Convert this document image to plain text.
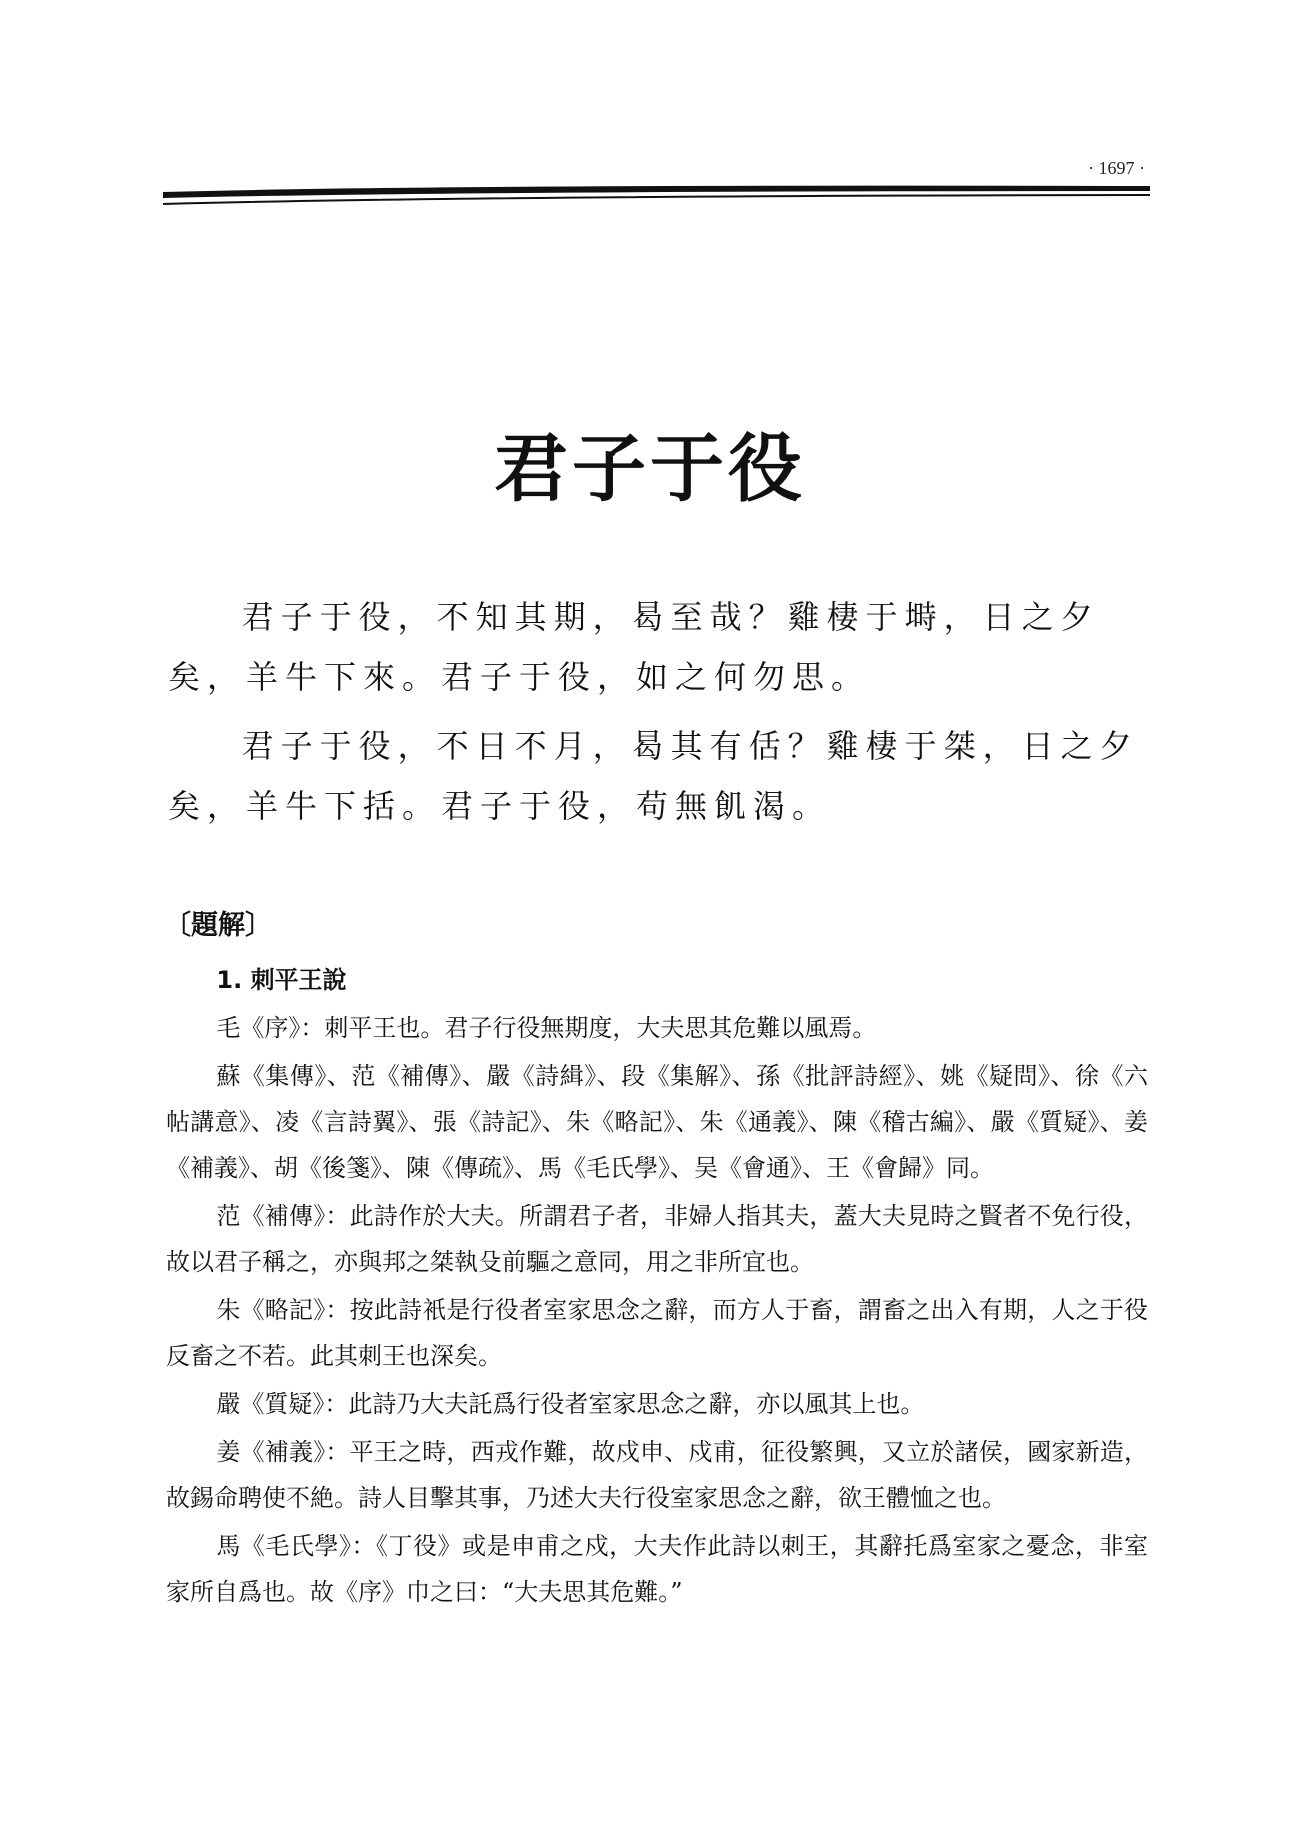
· 1697 ·
君子于役

君子于役，不知其期，曷至哉？雞棲于塒，日之夕矣，羊牛下來。君子于役，如之何勿思。

君子于役，不日不月，曷其有佸？雞棲于桀，日之夕矣，羊牛下括。君子于役，苟無飢渴。

〔題解〕

1. 刺平王說

毛《序》：刺平王也。君子行役無期度，大夫思其危難以風焉。

蘇《集傳》、范《補傳》、嚴《詩緝》、段《集解》、孫《批評詩經》、姚《疑問》、徐《六帖講意》、凌《言詩翼》、張《詩記》、朱《略記》、朱《通義》、陳《稽古編》、嚴《質疑》、姜《補義》、胡《後箋》、陳《傳疏》、馬《毛氏學》、吴《會通》、王《會歸》同。

范《補傳》：此詩作於大夫。所謂君子者，非婦人指其夫，蓋大夫見時之賢者不免行役，故以君子稱之，亦與邦之桀執殳前驅之意同，用之非所宜也。

朱《略記》：按此詩衹是行役者室家思念之辭，而方人于畜，謂畜之出入有期，人之于役反畜之不若。此其刺王也深矣。

嚴《質疑》：此詩乃大夫託爲行役者室家思念之辭，亦以風其上也。

姜《補義》：平王之時，西戎作難，故戍申、戍甫，征役繁興，又立於諸侯，國家新造，故錫命聘使不絶。詩人目擊其事，乃述大夫行役室家思念之辭，欲王體恤之也。

馬《毛氏學》：《丁役》或是申甫之戍，大夫作此詩以刺王，其辭托爲室家之憂念，非室家所自爲也。故《序》巾之曰：“大夫思其危難。”
